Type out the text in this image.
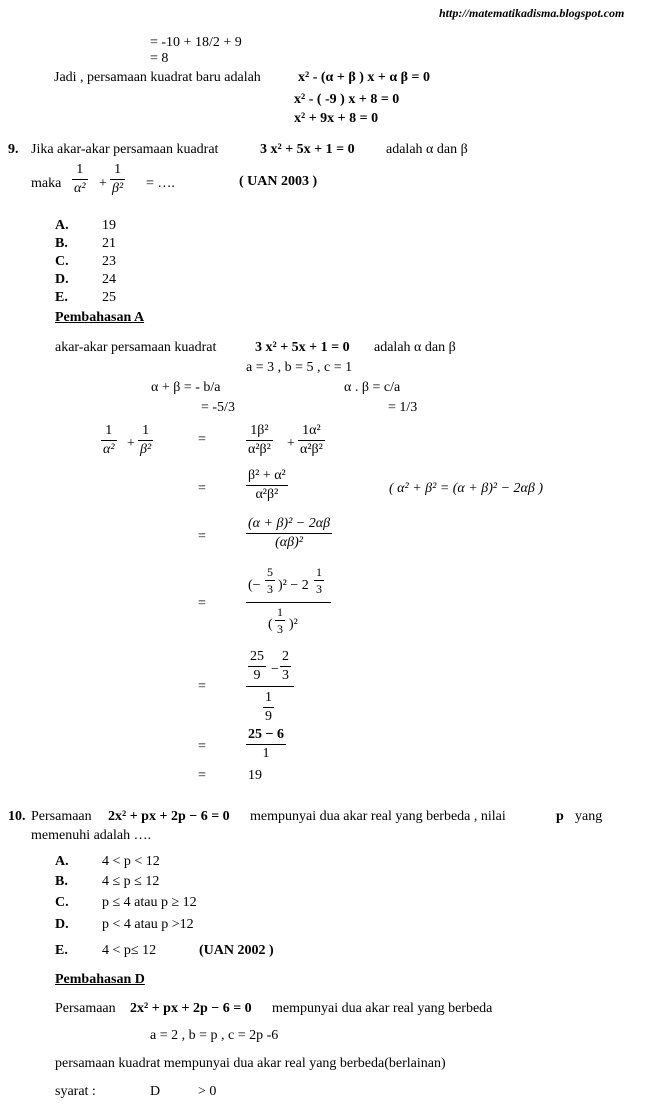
http://matematikadisma.blogspot.com
= -10 + 18/2 + 9
= 8
Jadi , persamaan kuadrat baru adalah	x² - (α + β ) x + α β = 0
x² - ( -9 ) x + 8 = 0
x² + 9x + 8 = 0
9. Jika akar-akar persamaan kuadrat	3 x² + 5x + 1 = 0 adalah α dan β
maka $\frac{1}{\text{α²}} + \frac{1}{\text{β²}}$ = ….	( UAN 2003 )
A. 19
B. 21
C. 23
D. 24
E. 25
Pembahasan A
akar-akar persamaan kuadrat	3 x² + 5x + 1 = 0 adalah α dan β
a = 3 , b = 5 , c = 1
α + β = - b/a
= -5/3
α . β = c/a
= 1/3
$\frac{1}{\text{α²}} + \frac{1}{\text{β²}}$	=	$\frac{\text{1β²}}{\text{α²β²}} + \frac{\text{1α²}}{\text{α²β²}}$
=	$\frac{\text{β² + α²}}{\text{α²β²}}$	( α² + β² = (α + β)² − 2αβ )
=	$\frac{\text{(α + β)² − 2αβ}}{\text{(αβ)²}}$
=
(− $\frac{5}{3} )^2 - 2 \frac{1}{3}$
( $\frac{1}{3} )^2$
=
$\frac{25}{9} - \frac{2}{3}$
$\frac{1}{9}$
=	$\frac{25 - 6}{1}$
=	19
10. Persamaan 2x² + px + 2p − 6 = 0 mempunyai dua akar real yang berbeda , nilai	p yang
memenuhi adalah ….
A. 4 < p < 12
B. 4 ≤ p ≤ 12
C. p ≤ 4 atau p ≥ 12
D. p < 4 atau p >12
E. 4 < p≤ 12	(UAN 2002 )
Pembahasan D
Persamaan 2x² + px + 2p − 6 = 0 mempunyai dua akar real yang berbeda
a = 2 , b = p , c = 2p -6
persamaan kuadrat mempunyai dua akar real yang berbeda(berlainan)
syarat :	D	> 0
